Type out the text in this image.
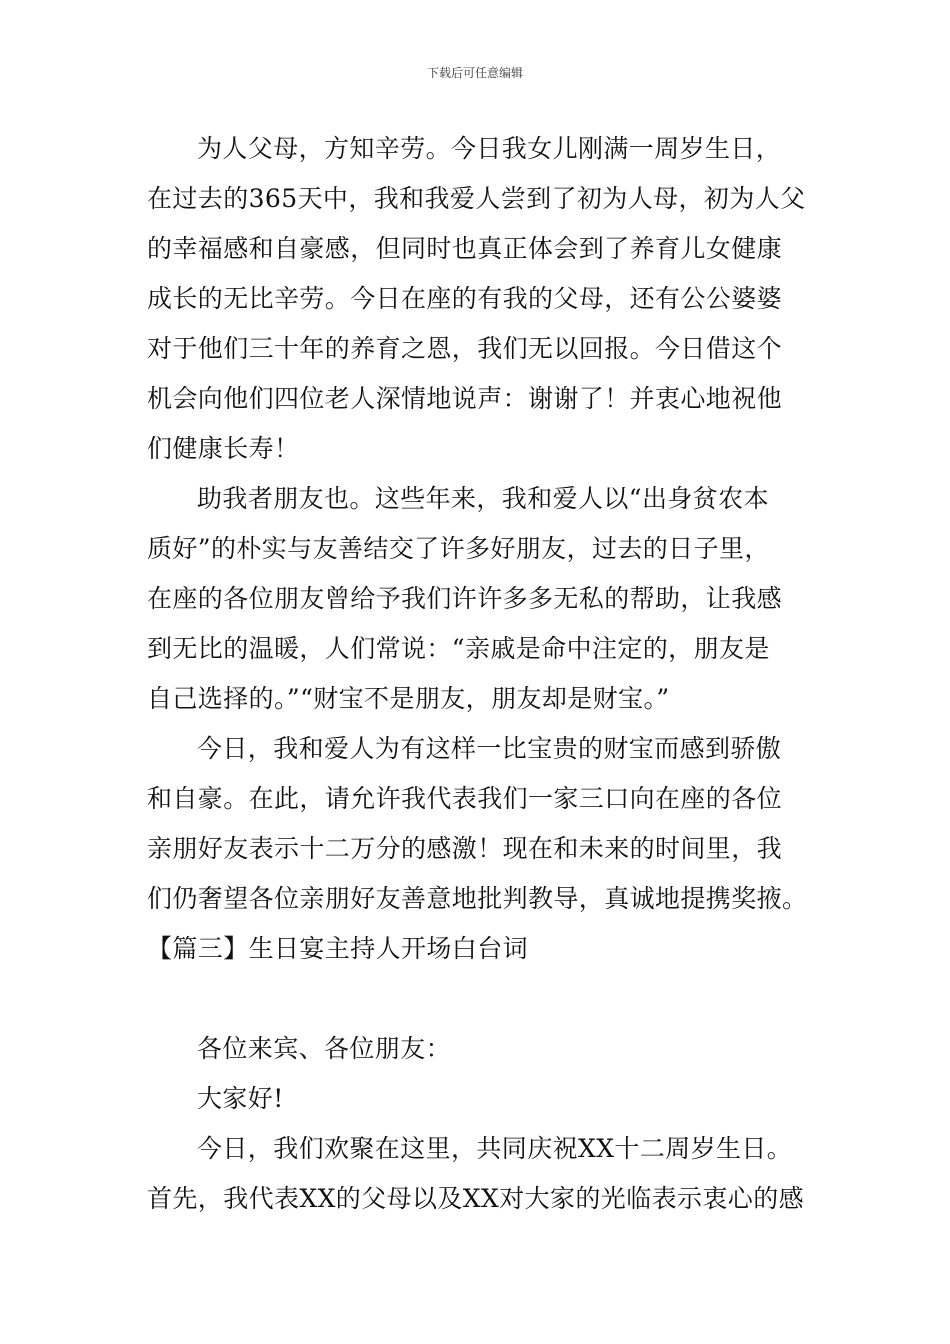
下载后可任意编辑
为人父母，方知辛劳。今日我女儿刚满一周岁生日，
在过去的365天中，我和我爱人尝到了初为人母，初为人父
的幸福感和自豪感，但同时也真正体会到了养育儿女健康
成长的无比辛劳。今日在座的有我的父母，还有公公婆婆
对于他们三十年的养育之恩，我们无以回报。今日借这个
机会向他们四位老人深情地说声：谢谢了！并衷心地祝他
们健康长寿！
助我者朋友也。这些年来，我和爱人以“出身贫农本
质好”的朴实与友善结交了许多好朋友，过去的日子里，
在座的各位朋友曾给予我们许许多多无私的帮助，让我感
到无比的温暖，人们常说：“亲戚是命中注定的，朋友是
自己选择的。”“财宝不是朋友，朋友却是财宝。”
今日，我和爱人为有这样一比宝贵的财宝而感到骄傲
和自豪。在此，请允许我代表我们一家三口向在座的各位
亲朋好友表示十二万分的感激！现在和未来的时间里，我
们仍奢望各位亲朋好友善意地批判教导，真诚地提携奖掖。
【篇三】生日宴主持人开场白台词
各位来宾、各位朋友：
大家好!
今日，我们欢聚在这里，共同庆祝XX十二周岁生日。
首先，我代表XX的父母以及XX对大家的光临表示衷心的感
